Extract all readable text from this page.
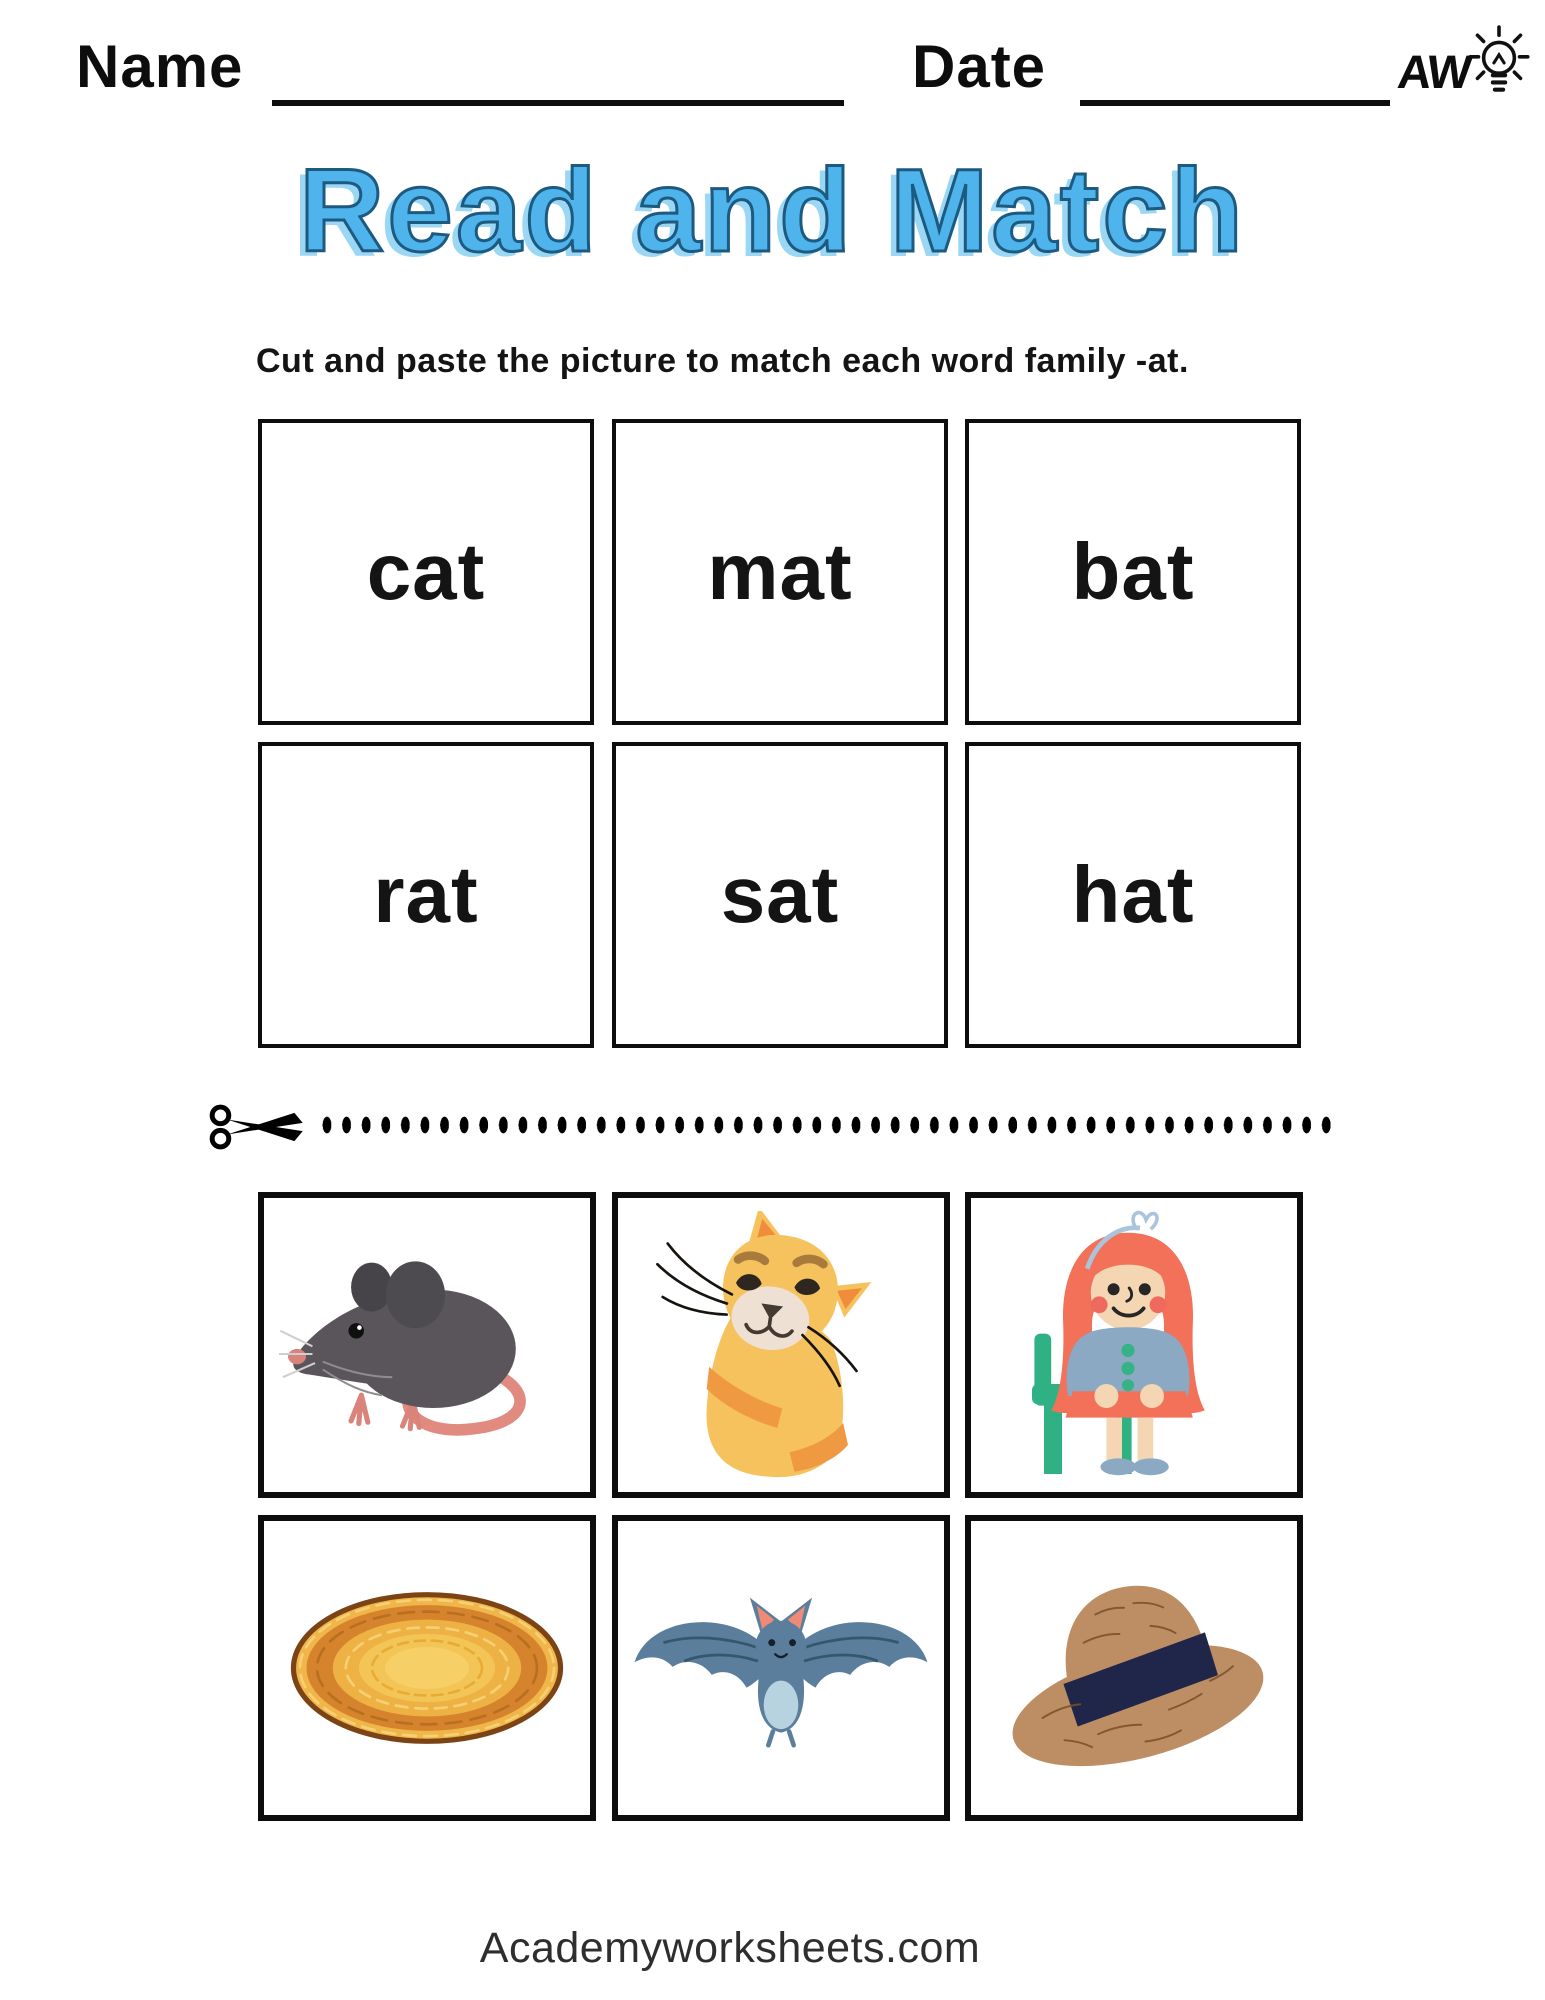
Name	Date	AW
Read and Match
Cut and paste the picture to match each word family -at.
cat	mat	bat
rat	sat	hat
Academyworksheets.com
